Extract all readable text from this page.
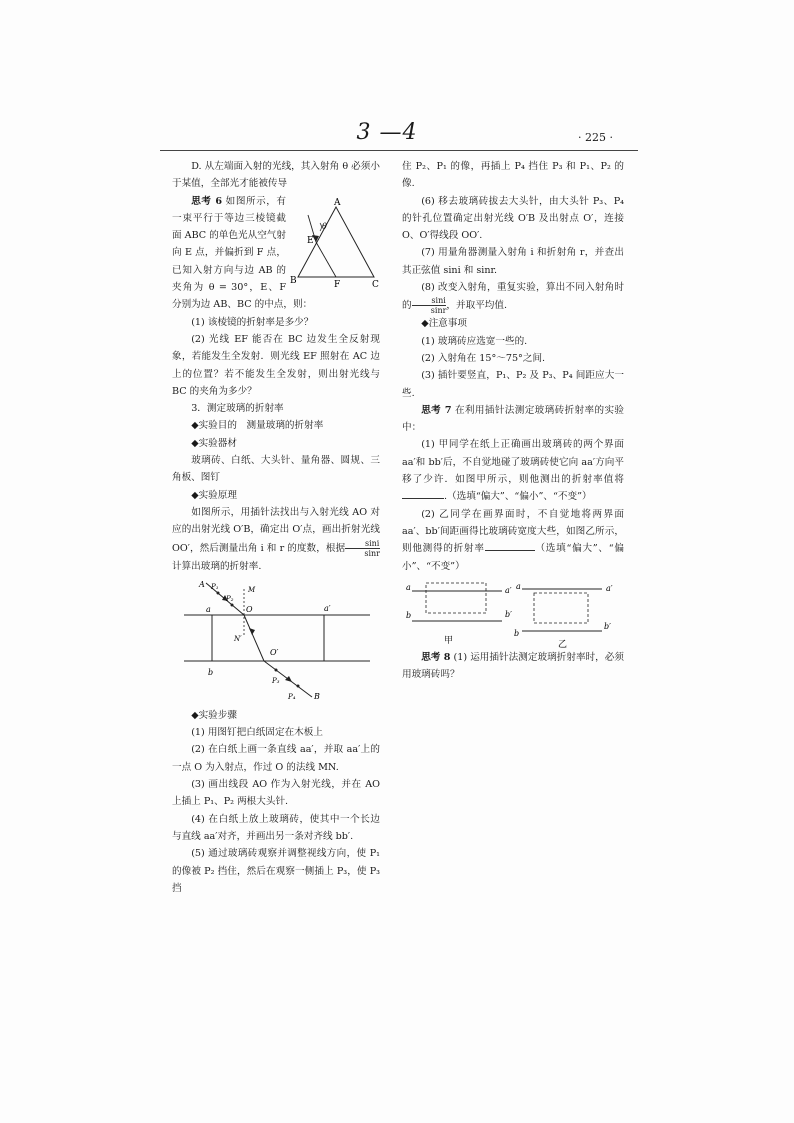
3 —4	· 225 ·

D. 从左端面入射的光线，其入射角 θ 必须小于某值，全部光才能被传导

A
B	C
E
F
θ

思考 6 如图所示，有一束平行于等边三棱镜截面 ABC 的单色光从空气射向 E 点，并偏折到 F 点，已知入射方向与边 AB 的夹角为 θ = 30°，E、F 分别为边 AB、BC 的中点，则：

(1) 该棱镜的折射率是多少？

(2) 光线 EF 能否在 BC 边发生全反射现象，若能发生全发射．则光线 EF 照射在 AC 边上的位置？若不能发生全发射，则出射光线与 BC 的夹角为多少？

3．测定玻璃的折射率

◆实验目的　测量玻璃的折射率

◆实验器材

玻璃砖、白纸、大头针、量角器、圆规、三角板、图钉

◆实验原理

如图所示，用插针法找出与入射光线 AO 对应的出射光线 O′B，确定出 O′点，画出折射光线 OO′，然后测量出角 i 和 r 的度数，根据 $\frac{\sin i}{\sin r}$
计算出玻璃的折射率.

A P₁
P₂
M
O
a	a′
N′
O′
b
P₃
P₄ B

◆实验步骤

(1) 用图钉把白纸固定在木板上

(2) 在白纸上画一条直线 aa′，并取 aa′上的一点 O 为入射点，作过 O 的法线 MN.

(3) 画出线段 AO 作为入射光线，并在 AO 上插上 P₁、P₂ 两根大头针.

(4) 在白纸上放上玻璃砖，使其中一个长边与直线 aa′对齐，并画出另一条对齐线 bb′.

(5) 通过玻璃砖观察并调整视线方向，使 P₁ 的像被 P₂ 挡住，然后在观察一侧插上 P₃，使 P₃ 挡

住 P₂、P₁ 的像，再插上 P₄ 挡住 P₃ 和 P₁、P₂ 的像.

(6) 移去玻璃砖拔去大头针，由大头针 P₃、P₄ 的针孔位置确定出射光线 O′B 及出射点 O′，连接 O、O′得线段 OO′.

(7) 用量角器测量入射角 i 和折射角 r，并查出其正弦值 sini 和 sinr.

(8) 改变入射角，重复实验，算出不同入射角时的 $\frac{\sin i}{\sin r}$ ，并取平均值.

◆注意事项

(1) 玻璃砖应选宽一些的.

(2) 入射角在 15°～75°之间.

(3) 插针要竖直，P₁、P₂ 及 P₃、P₄ 间距应大一些.

思考 7 在利用插针法测定玻璃砖折射率的实验中：

(1) 甲同学在纸上正确画出玻璃砖的两个界面 aa′和 bb′后，不自觉地碰了玻璃砖使它向 aa′方向平移了少许．如图甲所示，则他测出的折射率值将.（选填“偏大”、“偏小”、“不变”）

(2) 乙同学在画界面时，不自觉地将两界面 aa′、bb′间距画得比玻璃砖宽度大些，如图乙所示，则他测得的折射率	（选填“偏大”、“偏小”、“不变”）

a	a′
b	b′
甲
a	a′
b
b′
乙

思考 8 (1) 运用插针法测定玻璃折射率时，必须用玻璃砖吗？
